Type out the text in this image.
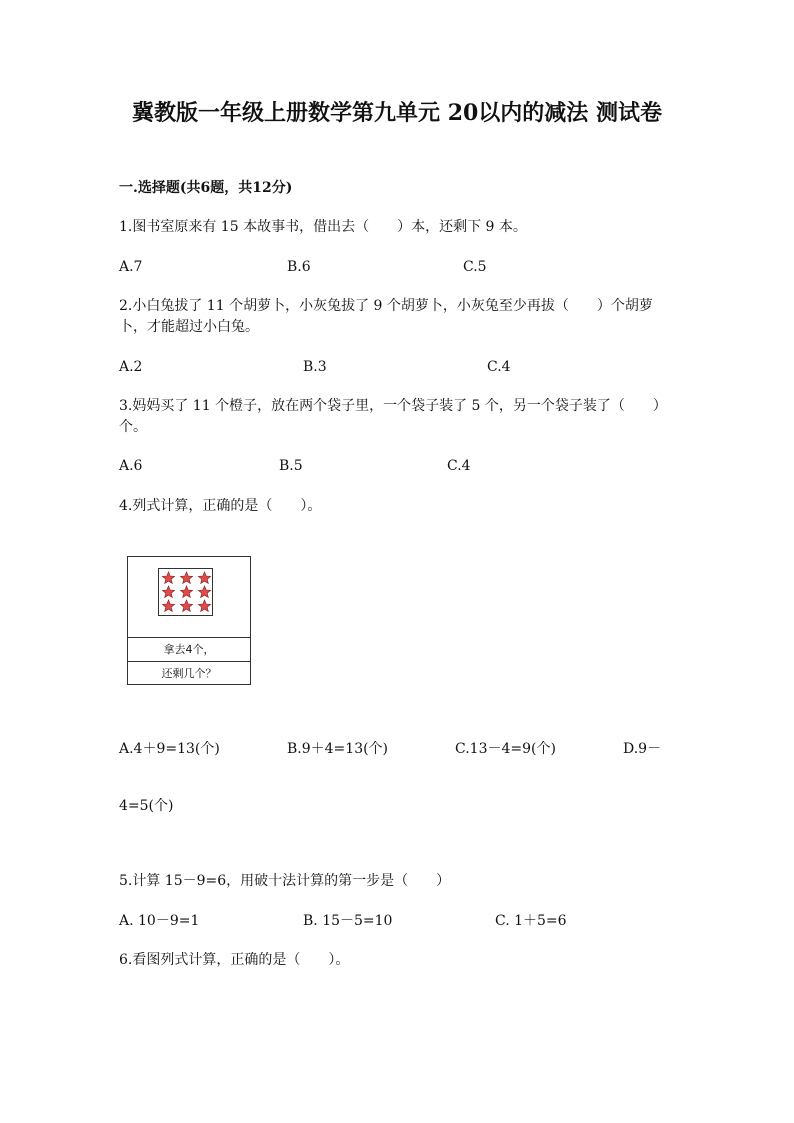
冀教版一年级上册数学第九单元 20以内的减法 测试卷

一.选择题(共6题，共12分)

1.图书室原来有 15 本故事书，借出去（　　）本，还剩下 9 本。

A.7	B.6	C.5

2.小白兔拔了 11 个胡萝卜，小灰兔拔了 9 个胡萝卜，小灰兔至少再拔（　　）个胡萝卜，才能超过小白兔。

A.2	B.3	C.4

3.妈妈买了 11 个橙子，放在两个袋子里，一个袋子装了 5 个，另一个袋子装了（　　）个。

A.6	B.5	C.4

4.列式计算，正确的是（　　）。

拿去4个，
还剩几个？
A.4＋9=13(个)	B.9＋4=13(个)	C.13－4=9(个)	D.9－
4=5(个)

5.计算 15－9=6，用破十法计算的第一步是（　　）

A. 10－9=1	B. 15－5=10	C. 1＋5=6

6.看图列式计算，正确的是（　　）。
